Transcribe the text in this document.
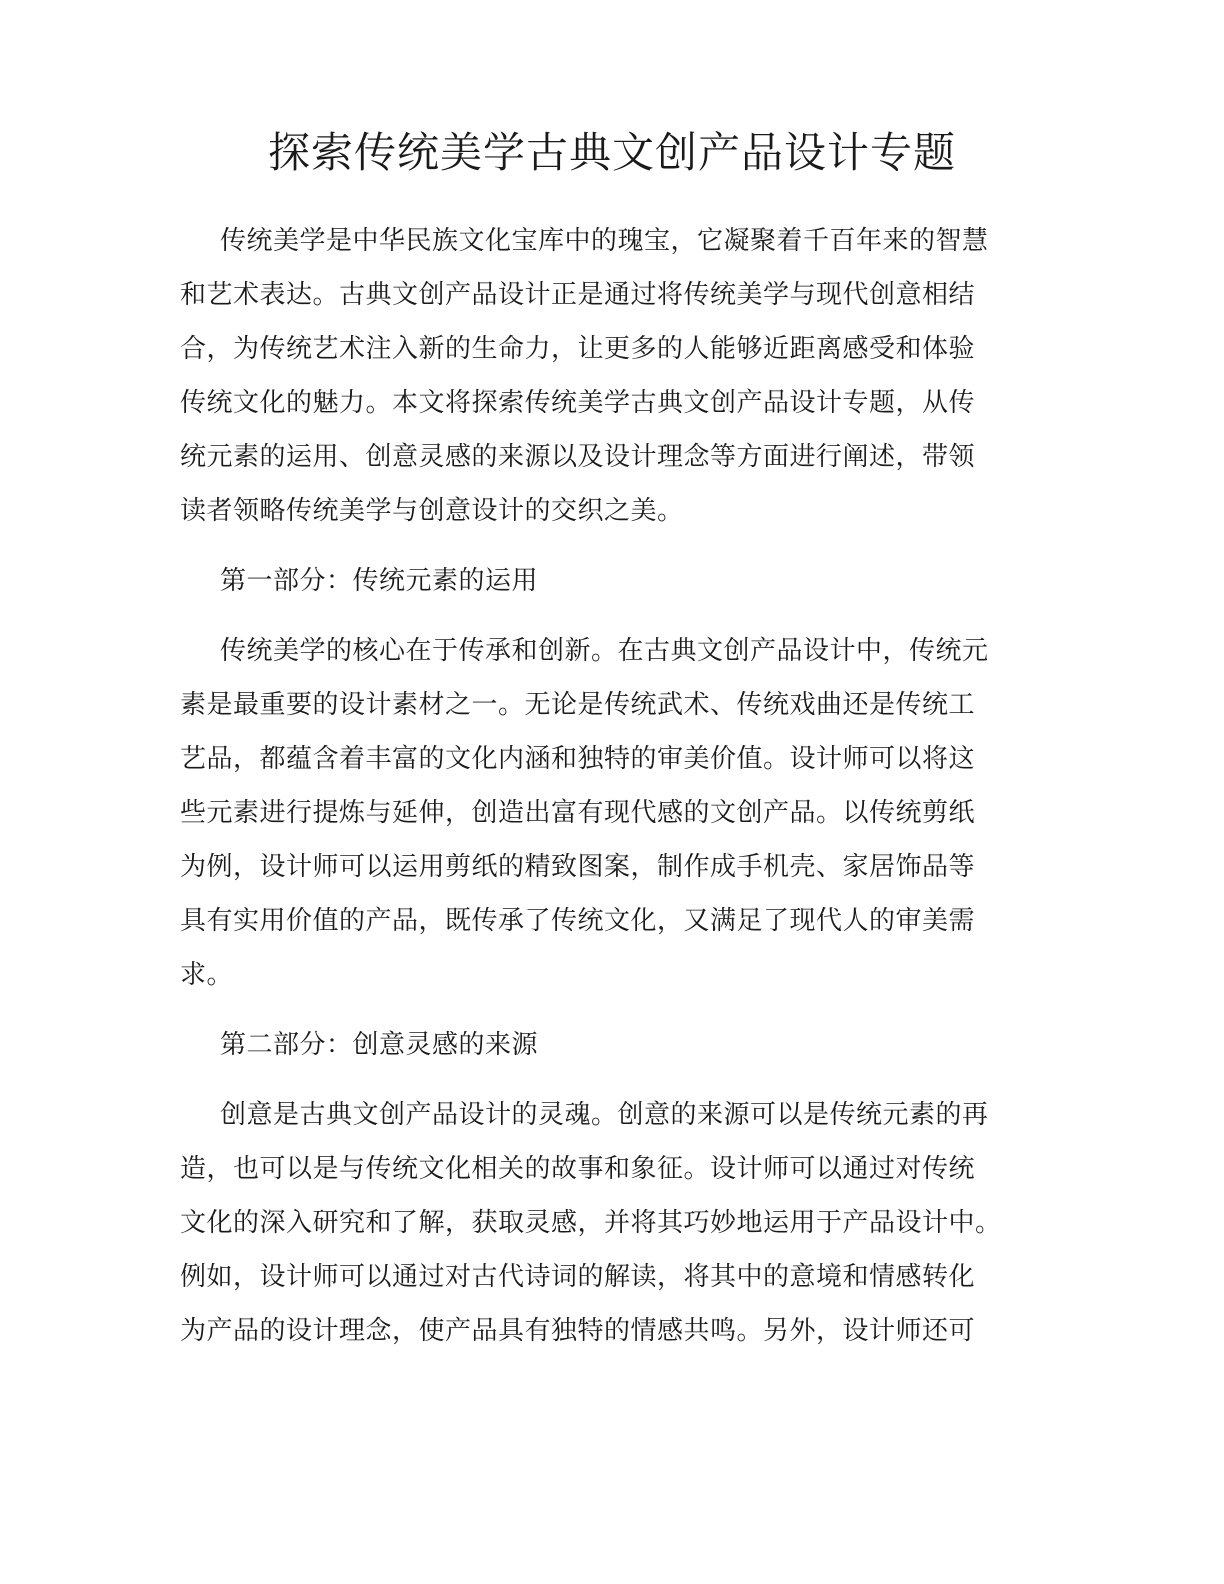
探索传统美学古典文创产品设计专题
传统美学是中华民族文化宝库中的瑰宝，它凝聚着千百年来的智慧
和艺术表达。古典文创产品设计正是通过将传统美学与现代创意相结
合，为传统艺术注入新的生命力，让更多的人能够近距离感受和体验
传统文化的魅力。本文将探索传统美学古典文创产品设计专题，从传
统元素的运用、创意灵感的来源以及设计理念等方面进行阐述，带领
读者领略传统美学与创意设计的交织之美。
第一部分：传统元素的运用
传统美学的核心在于传承和创新。在古典文创产品设计中，传统元
素是最重要的设计素材之一。无论是传统武术、传统戏曲还是传统工
艺品，都蕴含着丰富的文化内涵和独特的审美价值。设计师可以将这
些元素进行提炼与延伸，创造出富有现代感的文创产品。以传统剪纸
为例，设计师可以运用剪纸的精致图案，制作成手机壳、家居饰品等
具有实用价值的产品，既传承了传统文化，又满足了现代人的审美需
求。
第二部分：创意灵感的来源
创意是古典文创产品设计的灵魂。创意的来源可以是传统元素的再
造，也可以是与传统文化相关的故事和象征。设计师可以通过对传统
文化的深入研究和了解，获取灵感，并将其巧妙地运用于产品设计中。
例如，设计师可以通过对古代诗词的解读，将其中的意境和情感转化
为产品的设计理念，使产品具有独特的情感共鸣。另外，设计师还可
